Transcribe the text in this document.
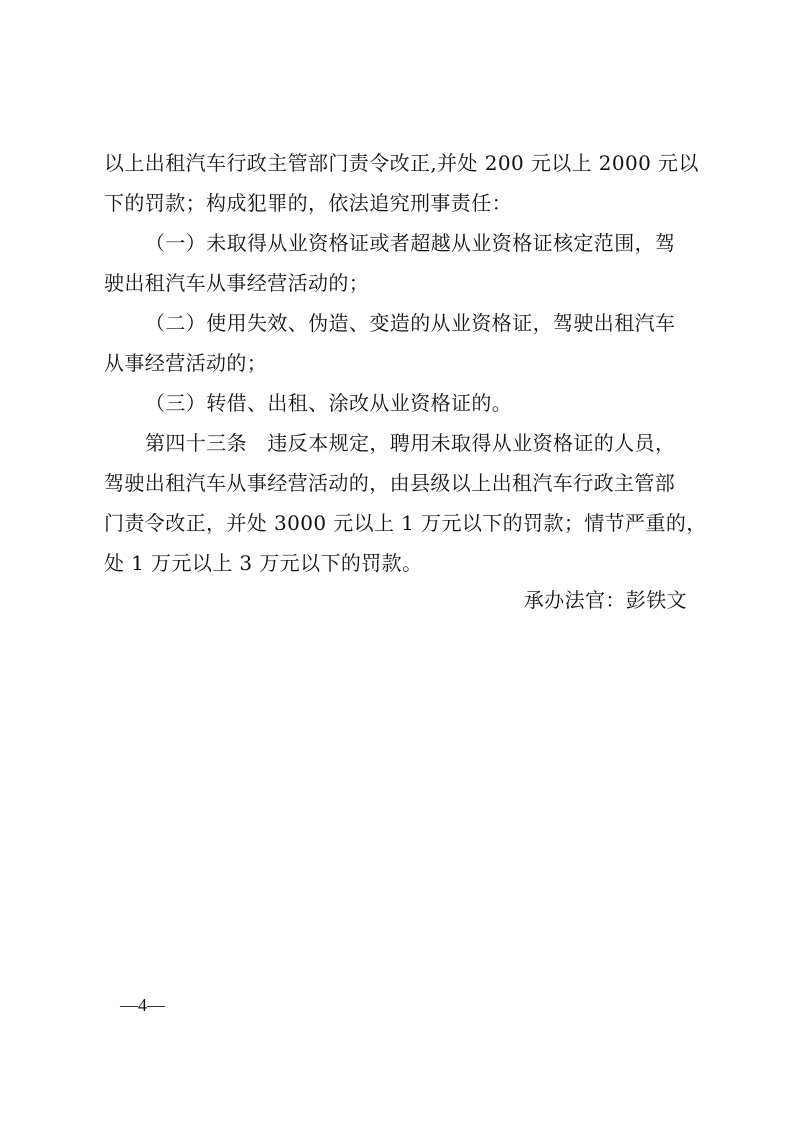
以上出租汽车行政主管部门责令改正,并处 200 元以上 2000 元以
下的罚款；构成犯罪的，依法追究刑事责任：
（一）未取得从业资格证或者超越从业资格证核定范围，驾
驶出租汽车从事经营活动的；
（二）使用失效、伪造、变造的从业资格证，驾驶出租汽车
从事经营活动的；
（三）转借、出租、涂改从业资格证的。
第四十三条　违反本规定，聘用未取得从业资格证的人员，
驾驶出租汽车从事经营活动的，由县级以上出租汽车行政主管部
门责令改正，并处 3000 元以上 1 万元以下的罚款；情节严重的，
处 1 万元以上 3 万元以下的罚款。
承办法官：彭铁文
—4—
